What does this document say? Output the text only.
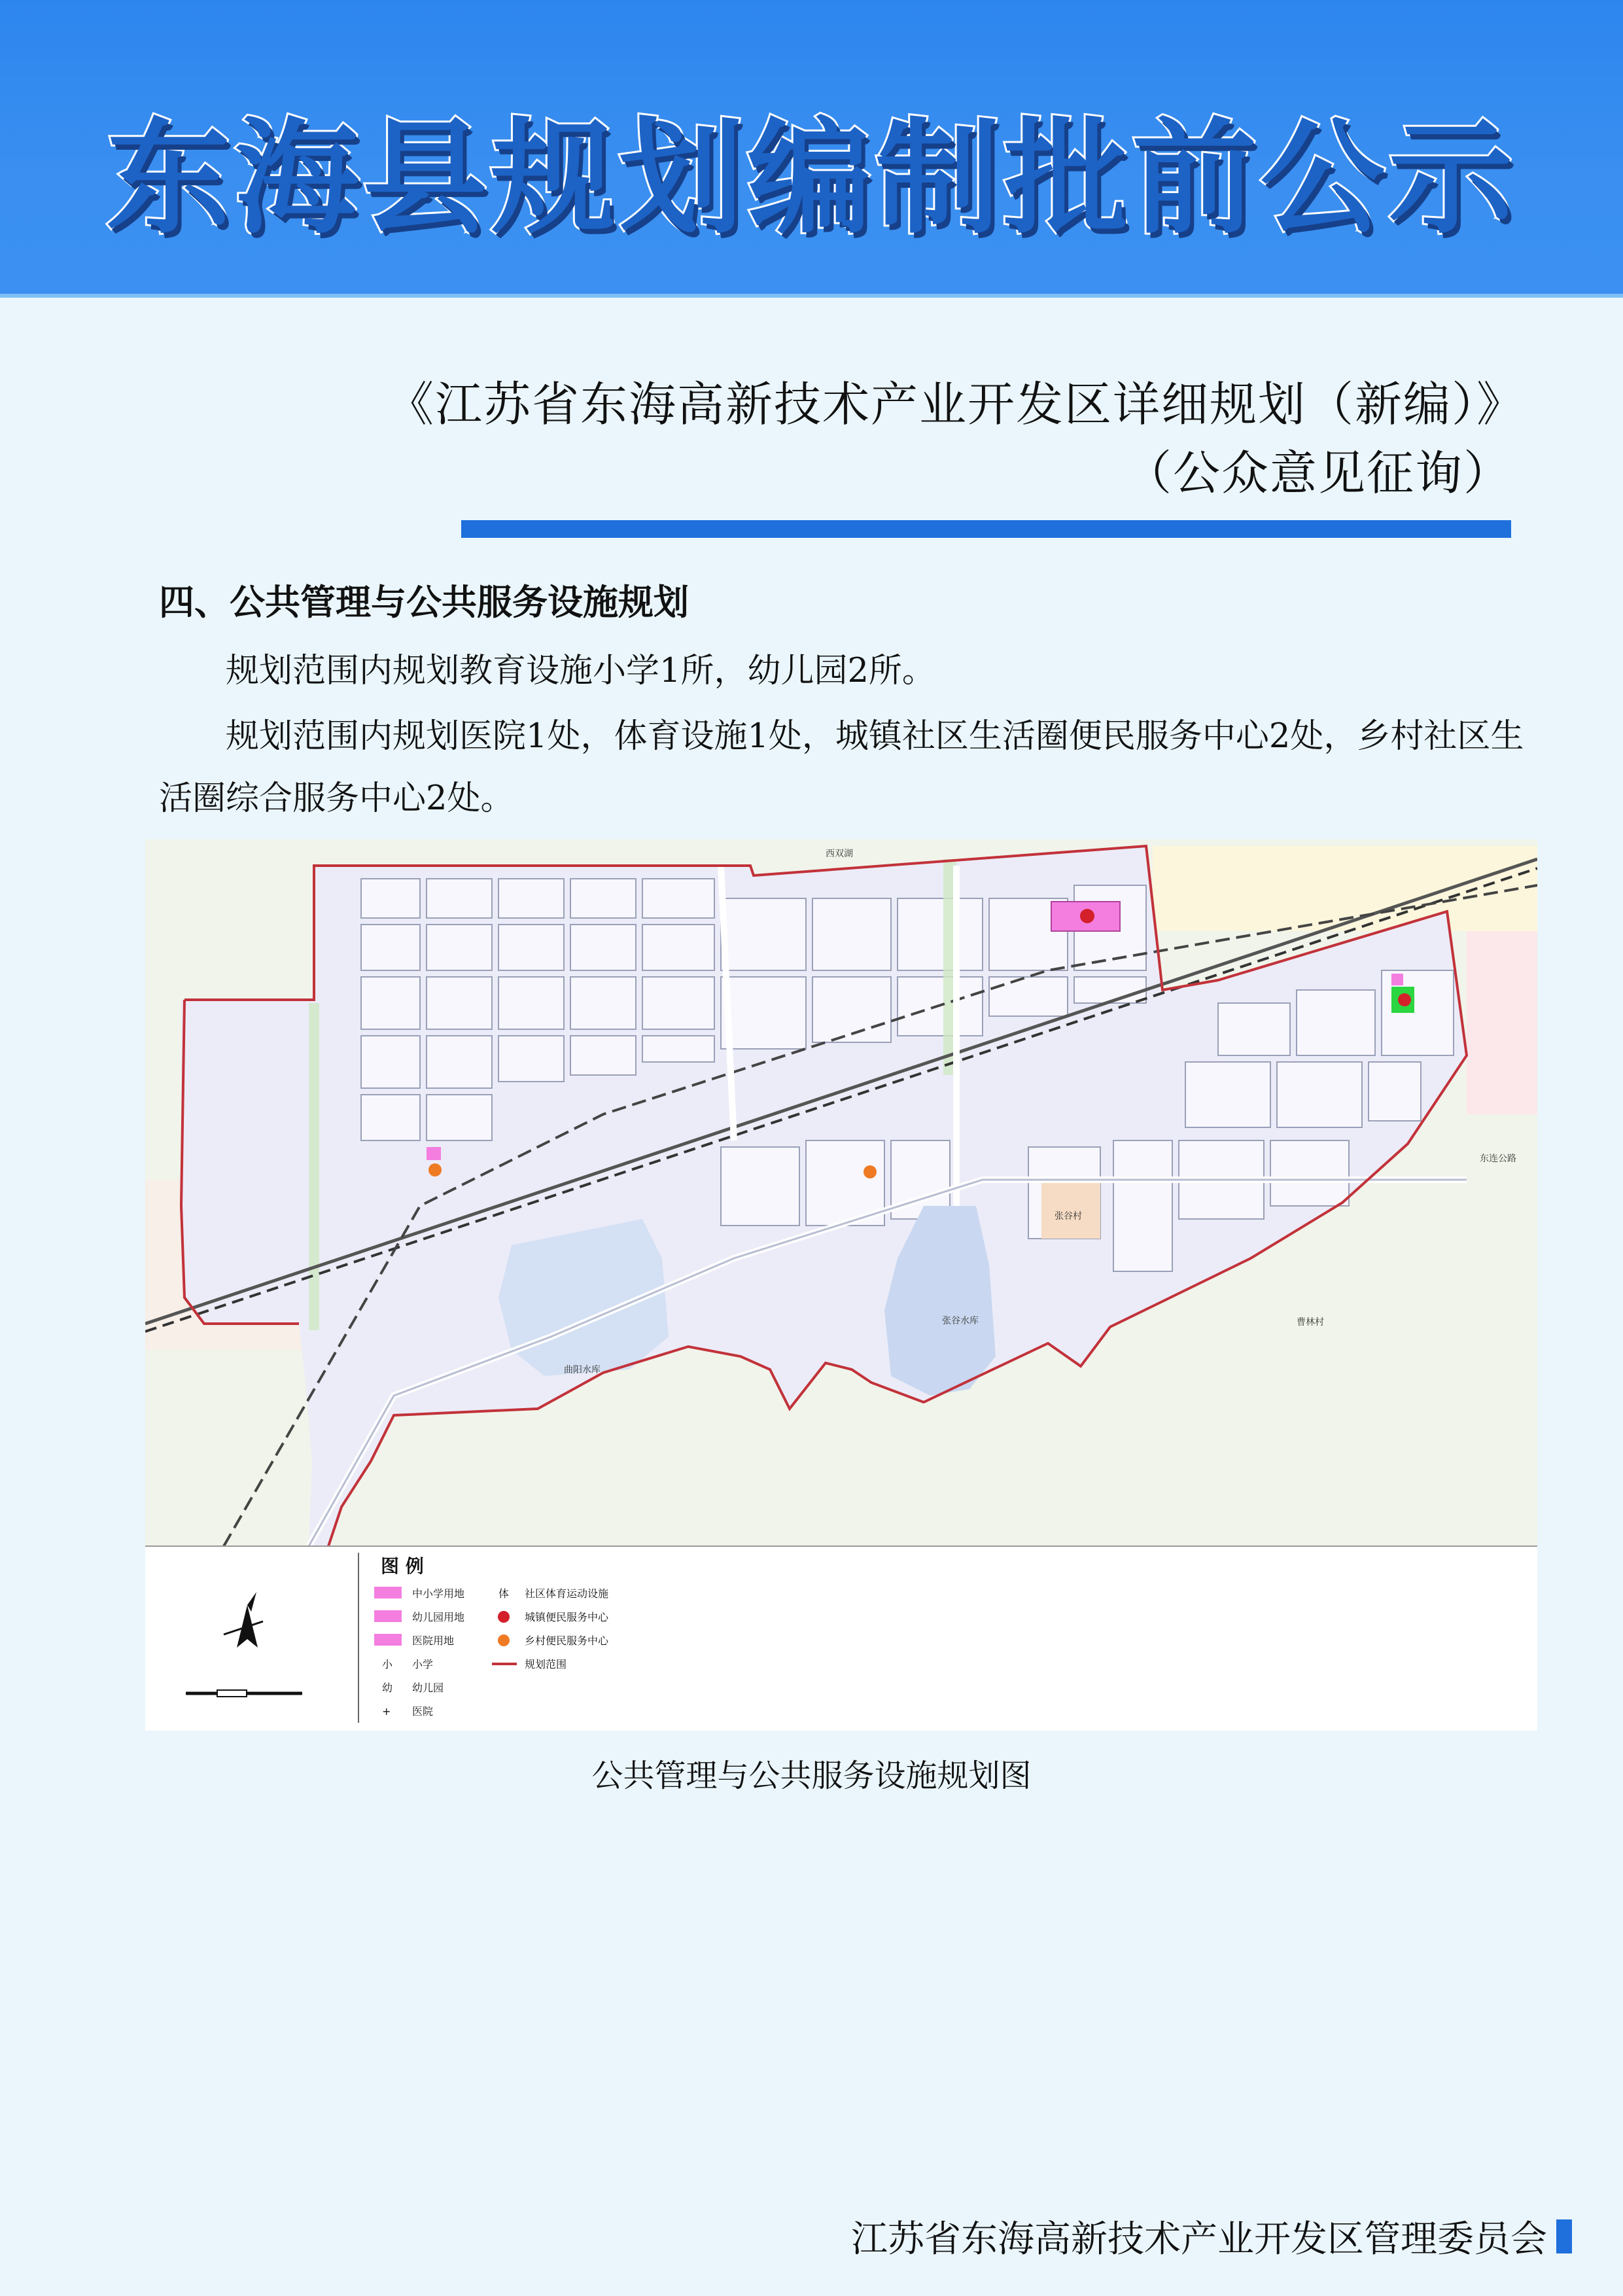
东海县规划编制批前公示
《江苏省东海高新技术产业开发区详细规划（新编）》
（公众意见征询）
四、公共管理与公共服务设施规划
规划范围内规划教育设施小学1所，幼儿园2所。
规划范围内规划医院1处，体育设施1处，城镇社区生活圈便民服务中心2处，乡村社区生活圈综合服务中心2处。
西双湖
张谷村
张谷水库
曲阳水库
曹林村
东连公路
图 例
中小学用地
幼儿园用地
医院用地
小 小学
幼 幼儿园
+ 医院
体 社区体育运动设施
城镇便民服务中心
乡村便民服务中心
规划范围
公共管理与公共服务设施规划图
江苏省东海高新技术产业开发区管理委员会
